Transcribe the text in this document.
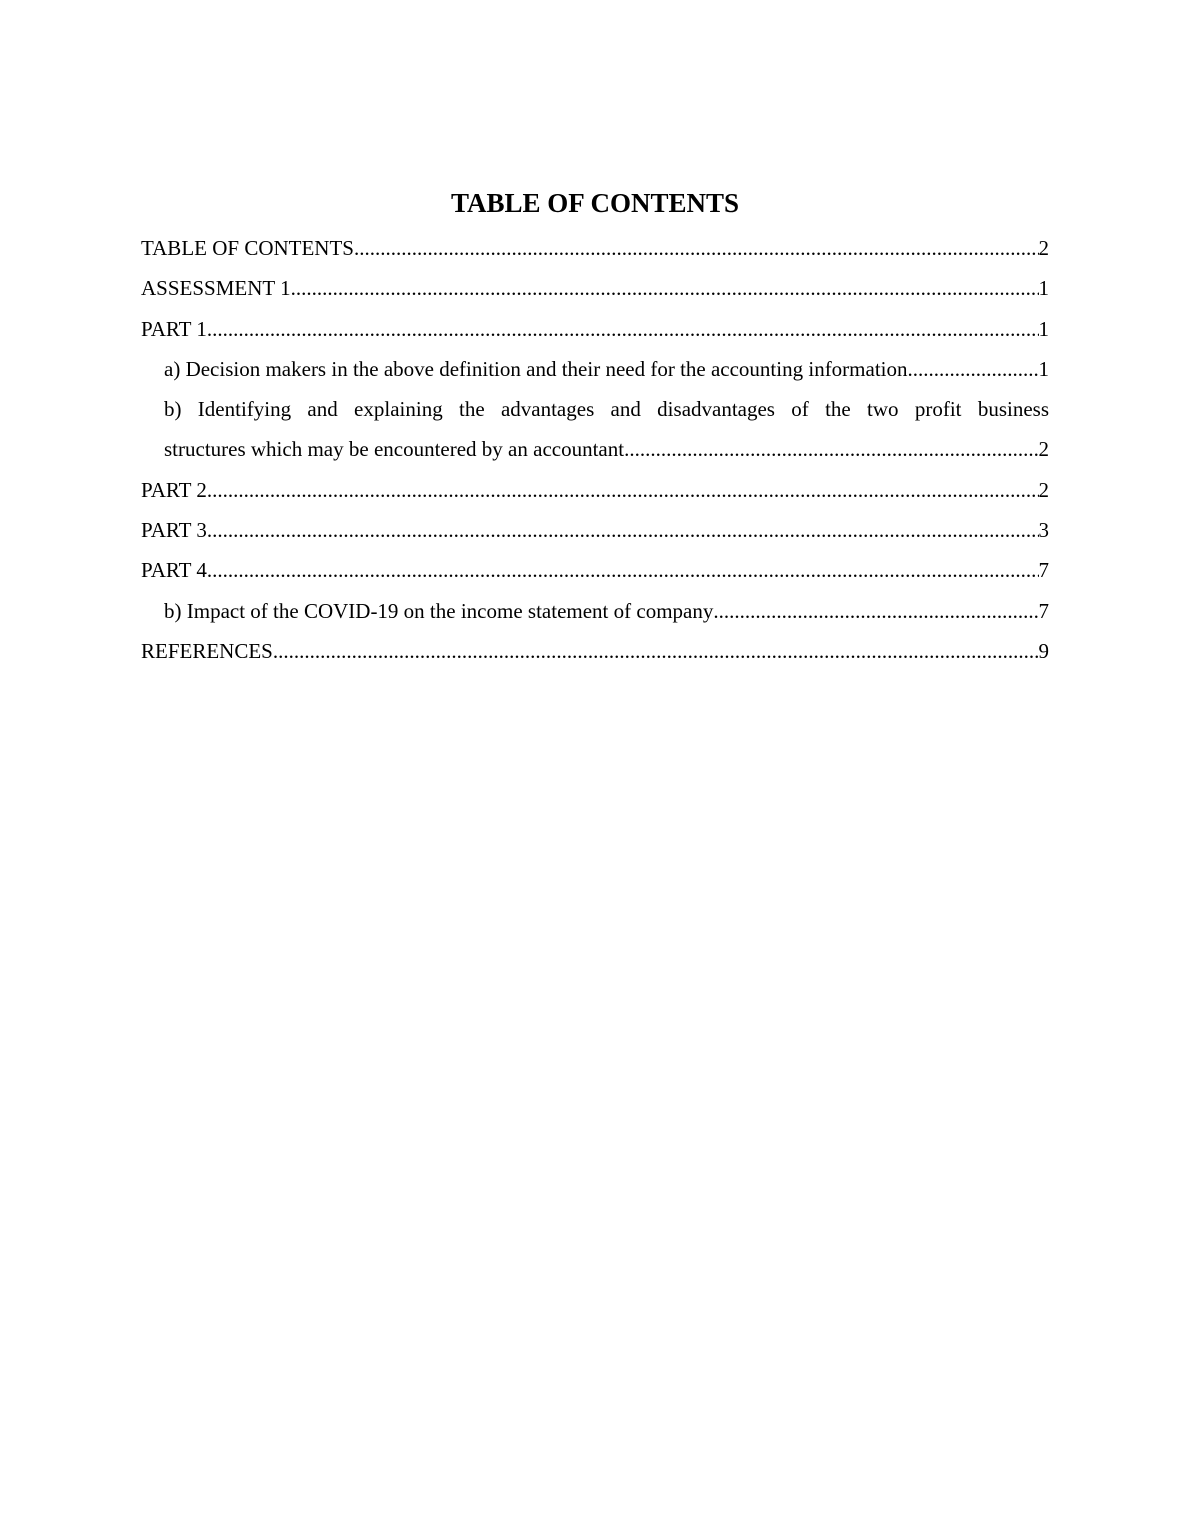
TABLE OF CONTENTS
TABLE OF CONTENTS .....	2
ASSESSMENT 1 .....	1
PART 1 .....	1
a) Decision makers in the above definition and their need for the accounting information .....	1
b) Identifying and explaining the advantages and disadvantages of the two profit business
structures which may be encountered by an accountant .....	2
PART 2 .....	2
PART 3 .....	3
PART 4 .....	7
b) Impact of the COVID-19 on the income statement of company .....	7
REFERENCES .....	9
